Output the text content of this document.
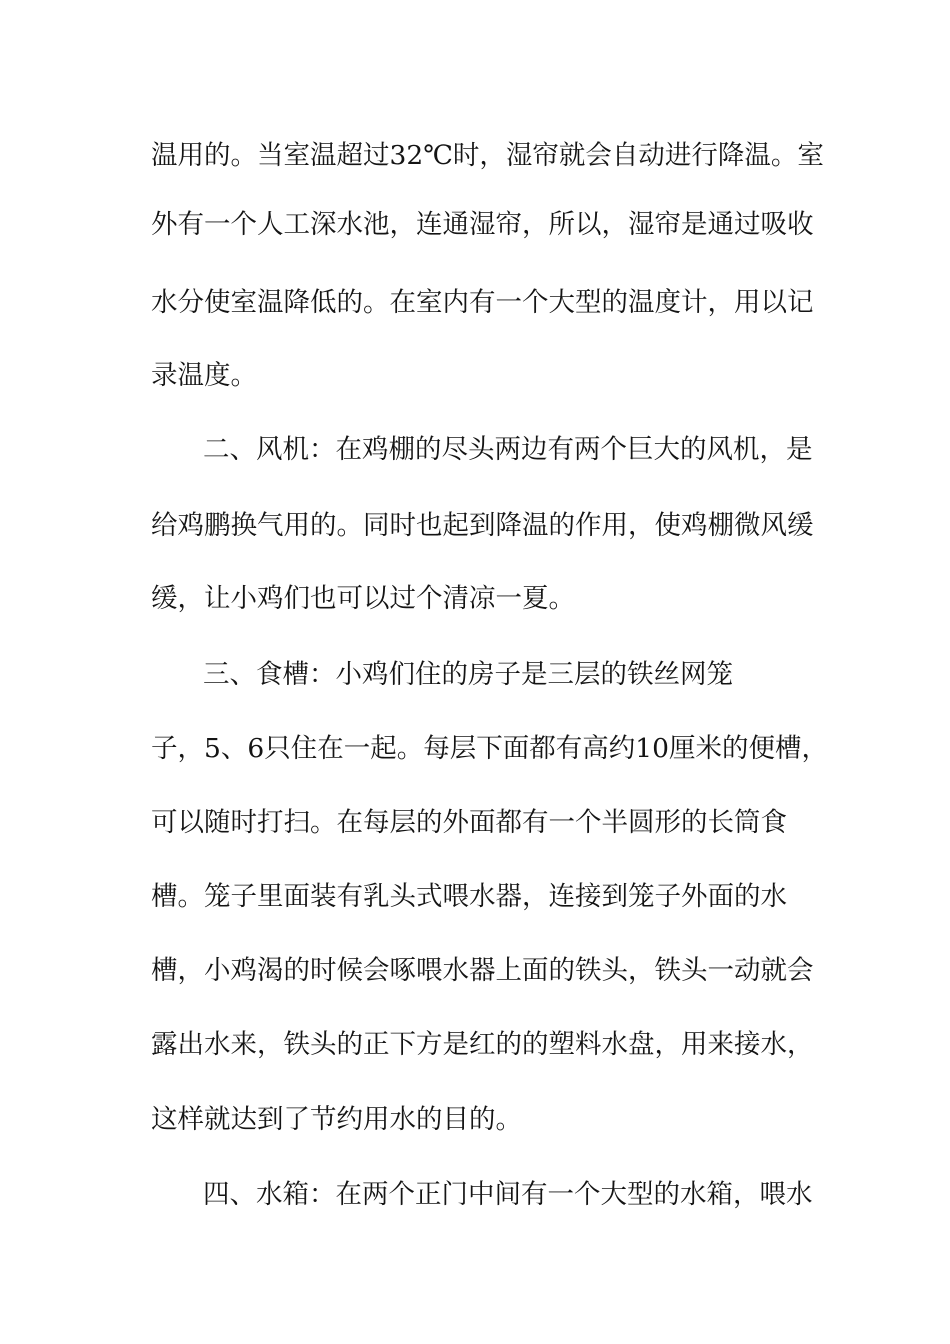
温用的。当室温超过32℃时，湿帘就会自动进行降温。室
外有一个人工深水池，连通湿帘，所以，湿帘是通过吸收
水分使室温降低的。在室内有一个大型的温度计，用以记
录温度。
二、风机：在鸡棚的尽头两边有两个巨大的风机，是
给鸡鹏换气用的。同时也起到降温的作用，使鸡棚微风缓
缓，让小鸡们也可以过个清凉一夏。
三、食槽：小鸡们住的房子是三层的铁丝网笼
子，5、6只住在一起。每层下面都有高约10厘米的便槽，
可以随时打扫。在每层的外面都有一个半圆形的长筒食
槽。笼子里面装有乳头式喂水器，连接到笼子外面的水
槽，小鸡渴的时候会啄喂水器上面的铁头，铁头一动就会
露出水来，铁头的正下方是红的的塑料水盘，用来接水，
这样就达到了节约用水的目的。
四、水箱：在两个正门中间有一个大型的水箱，喂水
